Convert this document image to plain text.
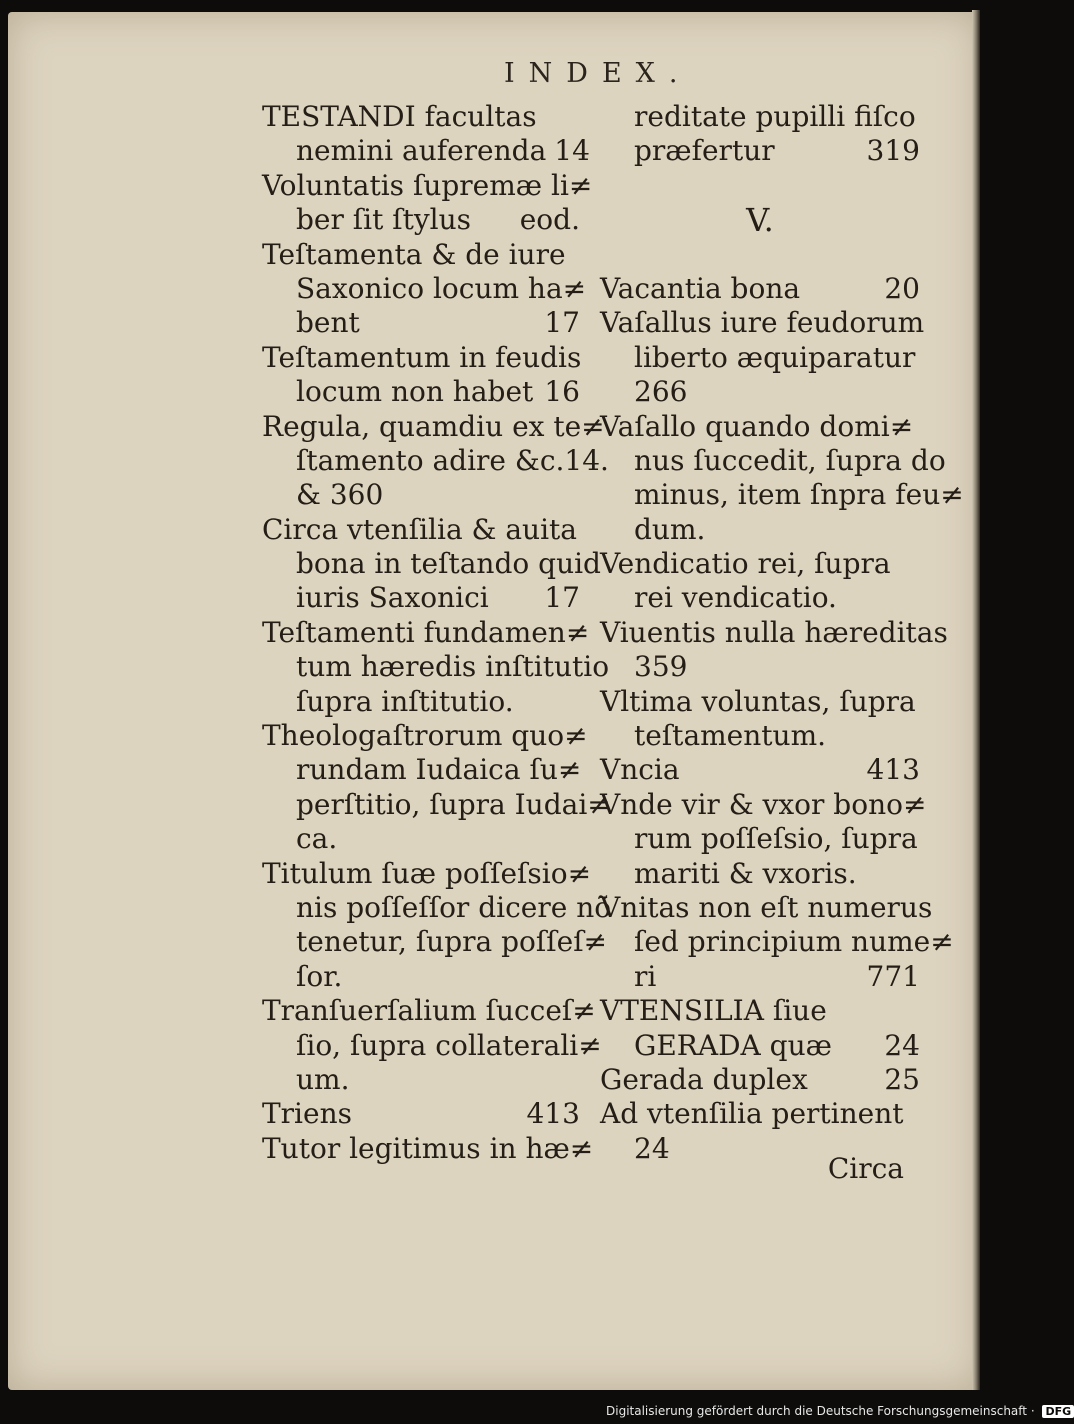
INDEX.
TESTANDI facultas
nemini auferenda 14
Voluntatis ſupremæ li≠
ber ſit ſtylus eod.
Teſtamenta & de iure
Saxonico locum ha≠
bent	17
Teſtamentum in feudis
locum non habet 16
Regula, quamdiu ex te≠
ſtamento adire &c.14.
& 360
Circa vtenſilia & auita
bona in teſtando quid
iuris Saxonici 17
Teſtamenti fundamen≠
tum hæredis inſtitutio
ſupra inſtitutio.
Theologaſtrorum quo≠
rundam Iudaica ſu≠
perſtitio, ſupra Iudai≠
ca.
Titulum ſuæ poſſeſsio≠
nis poſſeſſor dicere nõ
tenetur, ſupra poſſeſ≠
ſor.
Tranſuerſalium ſucceſ≠
ſio, ſupra collaterali≠
um.
Triens	413
Tutor legitimus in hæ≠
reditate pupilli fiſco
præfertur	319
V.
Vacantia bona	20
Vaſallus iure feudorum
liberto æquiparatur
266
Vaſallo quando domi≠
nus ſuccedit, ſupra do
minus, item ſnpra feu≠
dum.
Vendicatio rei, ſupra
rei vendicatio.
Viuentis nulla hæreditas
359
Vltima voluntas, ſupra
teſtamentum.
Vncia	413
Vnde vir & vxor bono≠
rum poſſeſsio, ſupra
mariti & vxoris.
Vnitas non eſt numerus
ſed principium nume≠
ri	771
VTENSILIA ſiue
GERADA quæ 24
Gerada duplex	25
Ad vtenſilia pertinent
24
Circa
Digitalisierung gefördert durch die Deutsche Forschungsgemeinschaft · DFG
